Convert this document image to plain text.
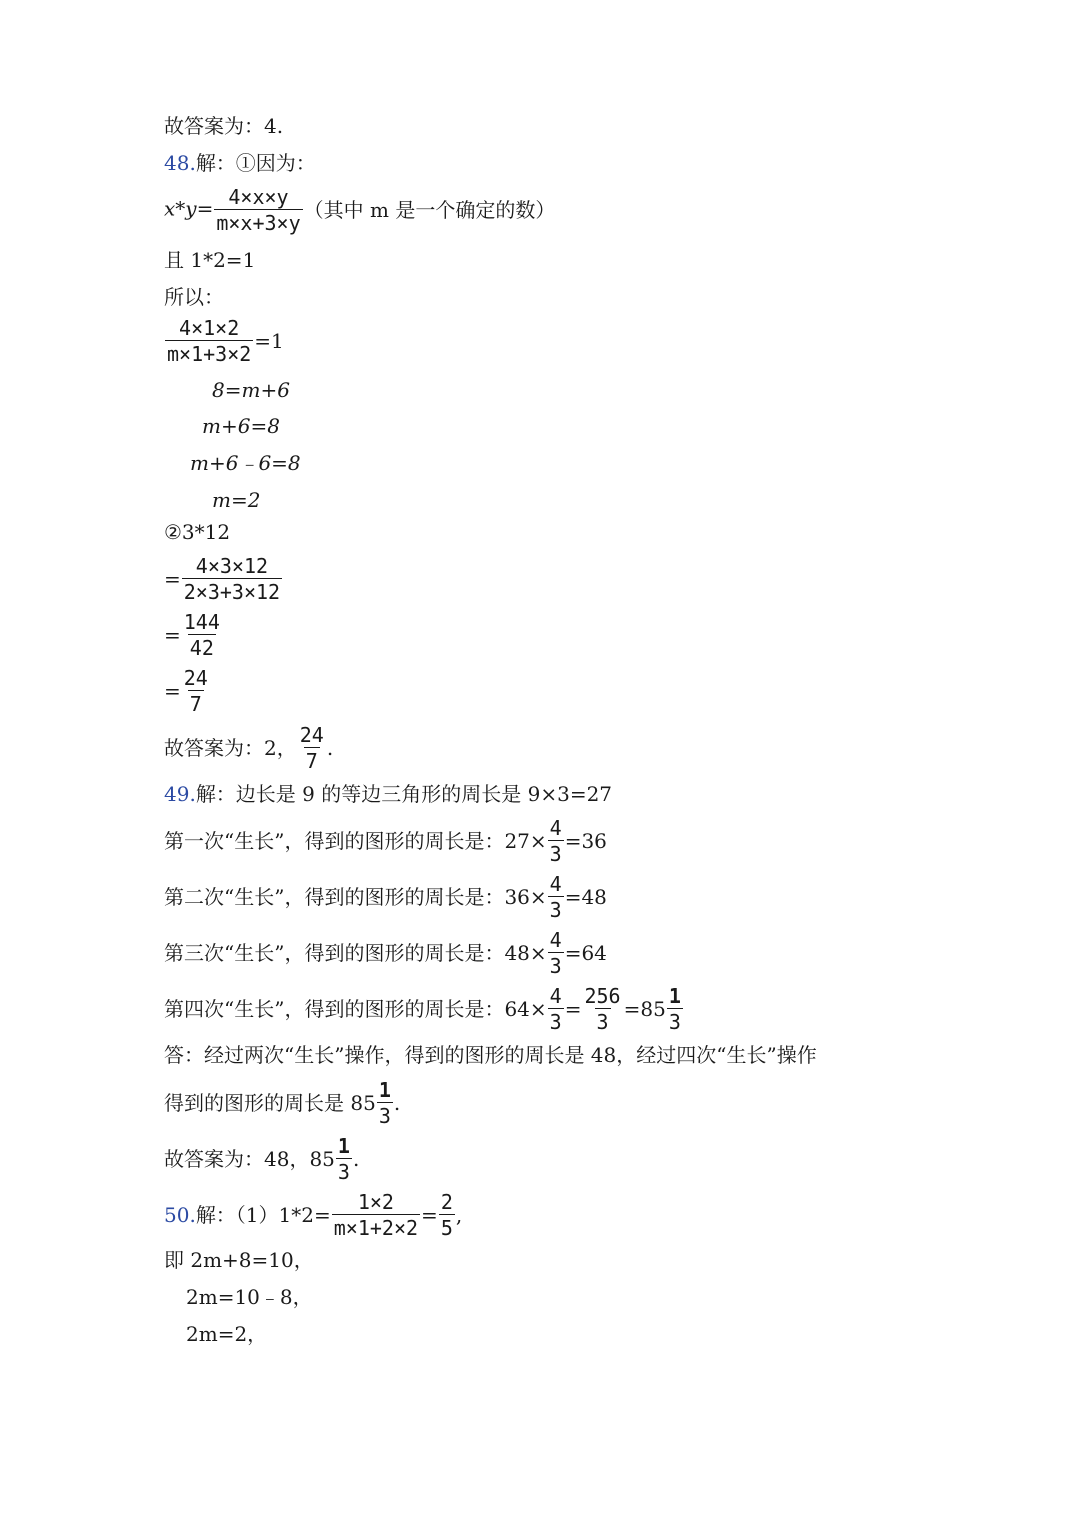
故答案为：4.
48.解：①因为：
$x*y= \frac{4\times x\times y}{m\times x+3\times y}$ （其中 m 是一个确定的数）
且 1*2=1
所以：
$\frac{4\times 1\times 2}{m\times 1+3\times 2} =1$
8=m+6
m+6=8
m+6﹣6=8
m=2
②3*12
= $\frac{4\times 3\times 12}{2\times 3+3\times 12}$
= $\frac{144}{42}$
= $\frac{24}{7}$
故答案为：2， $\frac{24}{7}$ .
49.解：边长是 9 的等边三角形的周长是 9×3=27
第一次“生长”，得到的图形的周长是：$27\times \frac{4}{3} =36$
第二次“生长”，得到的图形的周长是：$36\times \frac{4}{3} =48$
第三次“生长”，得到的图形的周长是：$48\times \frac{4}{3} =64$
第四次“生长”，得到的图形的周长是：$64\times \frac{4}{3} = \frac{256}{3} =85 \frac{1}{3}$
答：经过两次“生长”操作，得到的图形的周长是 48，经过四次“生长”操作
得到的图形的周长是 $85 \frac{1}{3}$ .
故答案为：48，$85 \frac{1}{3}$ .
50.解：$(1)1*2= \frac{1\times 2}{m\times 1+2\times 2} = \frac{2}{5}$ ,
即 2m+8=10，
2m=10﹣8，
2m=2，
